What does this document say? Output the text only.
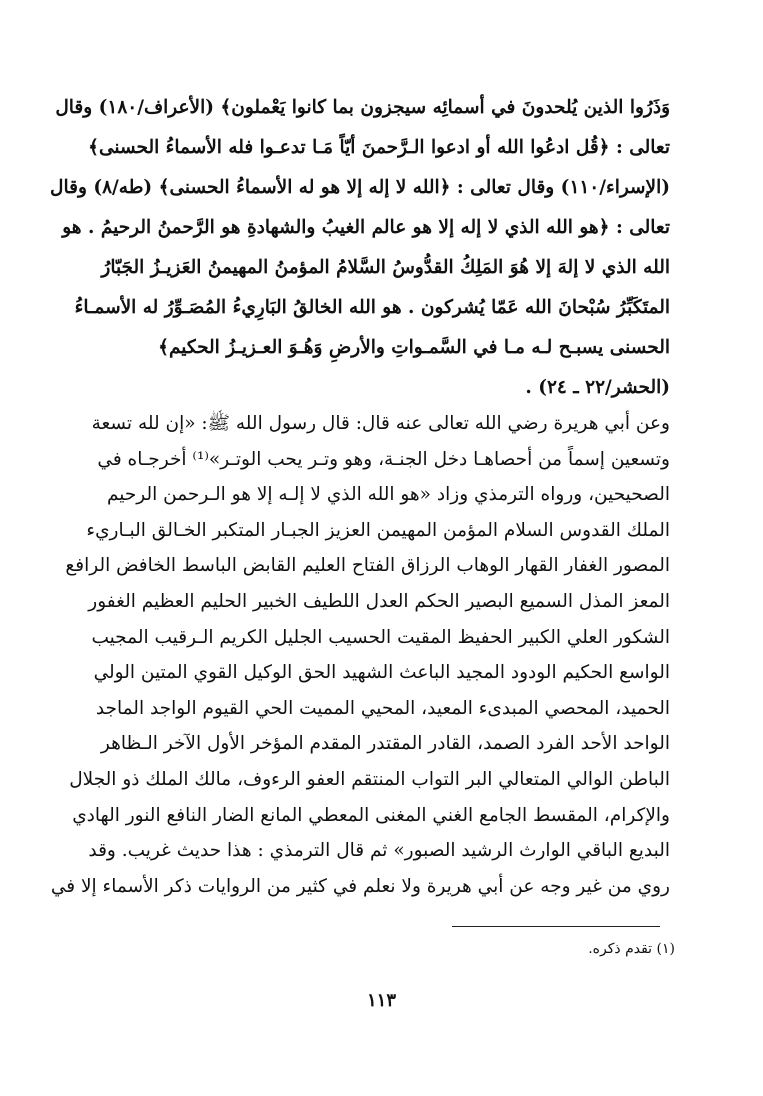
وَذَرُوا الذين يُلحدونَ في أسمائِه سيجزون بما كانوا يَعْملون﴾ (الأعراف/١٨٠) وقال
تعالى : ﴿قُل ادعُوا الله أو ادعوا الـرَّحمنَ أيّاً مَـا تدعـوا فله الأسماءُ الحسنى﴾
(الإسراء/١١٠) وقال تعالى : ﴿الله لا إله إلا هو له الأسماءُ الحسنى﴾ (طه/٨) وقال
تعالى : ﴿هو الله الذي لا إله إلا هو عالم الغيبُ والشهادةِ هو الرَّحمنُ الرحيمُ . هو
الله الذي لا إلهَ إلا هُوَ المَلِكُ القدُّوسُ السَّلامُ المؤمنُ المهيمنُ العَزيـزُ الجَبّارُ
المتَكَبِّرُ سُبْحانَ الله عَمّا يُشركون . هو الله الخالقُ البَارِيءُ المُصَـوِّرُ له الأسمـاءُ
الحسنى يسبـح لـه مـا في السَّمـواتِ والأرضِ وَهُـوَ العـزيـزُ الحكيم﴾
(الحشر/٢٢ ـ ٢٤) .
وعن أبي هريرة رضي الله تعالى عنه قال: قال رسول الله ﷺ: «إن لله تسعة
وتسعين إسماً من أحصاهـا دخل الجنـة، وهو وتـر يحب الوتـر»⁽¹⁾ أخرجـاه في
الصحيحين، ورواه الترمذي وزاد «هو الله الذي لا إلـه إلا هو الـرحمن الرحيم
الملك القدوس السلام المؤمن المهيمن العزيز الجبـار المتكبر الخـالق البـاريء
المصور الغفار القهار الوهاب الرزاق الفتاح العليم القابض الباسط الخافض الرافع
المعز المذل السميع البصير الحكم العدل اللطيف الخبير الحليم العظيم الغفور
الشكور العلي الكبير الحفيظ المقيت الحسيب الجليل الكريم الـرقيب المجيب
الواسع الحكيم الودود المجيد الباعث الشهيد الحق الوكيل القوي المتين الولي
الحميد، المحصي المبدىء المعيد، المحيي المميت الحي القيوم الواجد الماجد
الواحد الأحد الفرد الصمد، القادر المقتدر المقدم المؤخر الأول الآخر الـظاهر
الباطن الوالي المتعالي البر التواب المنتقم العفو الرءوف، مالك الملك ذو الجلال
والإكرام، المقسط الجامع الغني المغنى المعطي المانع الضار النافع النور الهادي
البديع الباقي الوارث الرشيد الصبور» ثم قال الترمذي : هذا حديث غريب. وقد
روي من غير وجه عن أبي هريرة ولا نعلم في كثير من الروايات ذكر الأسماء إلا في
(١) تقدم ذكره.
١١٣
